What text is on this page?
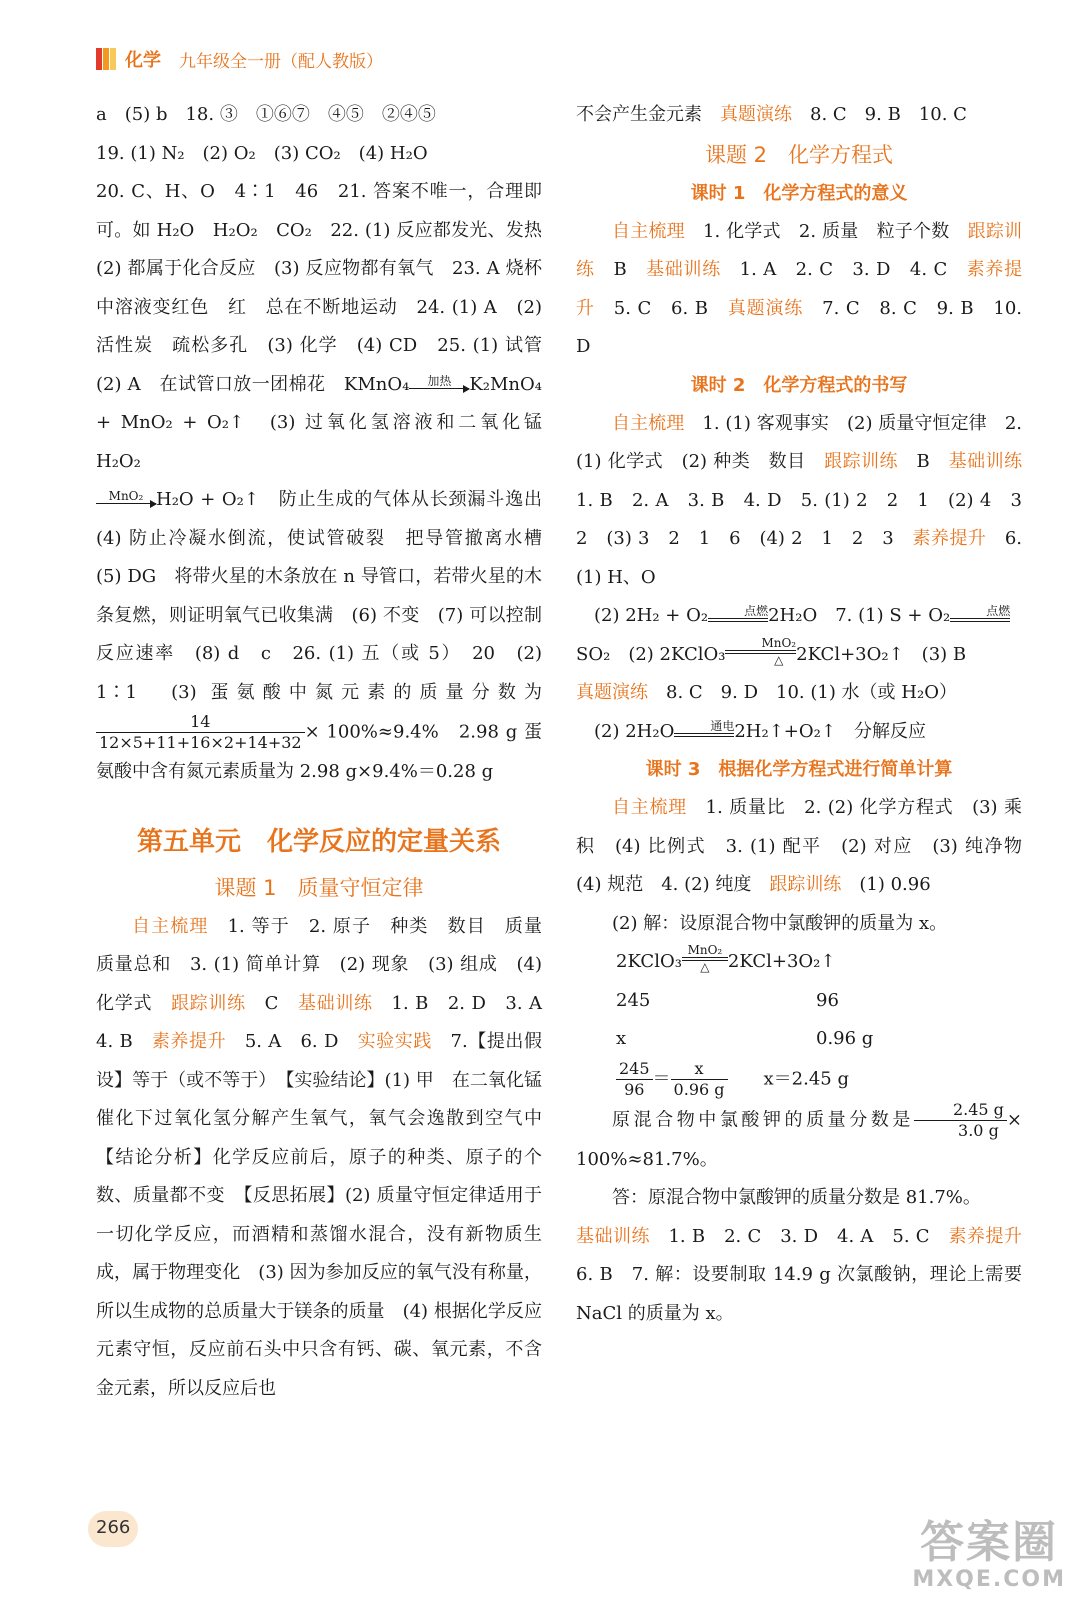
化学 九年级全一册（配人教版）

a　(5) b　18. ③　①⑥⑦　④⑤　②④⑤

19. (1) N₂　(2) O₂　(3) CO₂　(4) H₂O

20. C、H、O　4∶1　46　21. 答案不唯一，合理即可。如 H₂O　H₂O₂　CO₂　22. (1) 反应都发光、发热　(2) 都属于化合反应　(3) 反应物都有氧气　23. A 烧杯中溶液变红色　红　总在不断地运动　24. (1) A　(2) 活性炭　疏松多孔　(3) 化学　(4) CD　25. (1) 试管　(2) A　在试管口放一团棉花　KMnO₄	加热	K₂MnO₄ + MnO₂ + O₂↑　 (3) 过氧化氢溶液和二氧化锰　H₂O₂

MnO₂ H₂O + O₂↑　 防止生成的气体从长颈漏斗逸出　(4) 防止冷凝水倒流，使试管破裂　把导管撤离水槽　(5) DG　将带火星的木条放在 n 导管口，若带火星的木条复燃，则证明氧气已收集满　(6) 不变　(7) 可以控制反应速率　(8) d　c　26. (1) 五（或 5）　20　(2) 1∶1　(3) 蛋氨酸中氮元素的质量分数为
$\frac{14}{12\times 5+11+16\times 2+14+32} \times 100\%\approx 9.4\%$　2.98 g 蛋氨酸中含有氮元素质量为 2.98 g×9.4%＝0.28 g

第五单元　化学反应的定量关系
课题 1　质量守恒定律

自主梳理　 1. 等于　2. 原子　种类　数目　质量　质量总和　3. (1) 简单计算　(2) 现象　(3) 组成　(4) 化学式　 跟踪训练　 C　 基础训练　 1. B　2. D　3. A　4. B　 素养提升　 5. A　6. D　 实验实践　 7.【提出假设】等于（或不等于）　【实验结论】(1) 甲　在二氧化锰催化下过氧化氢分解产生氧气，氧气会逸散到空气中　【结论分析】化学反应前后，原子的种类、原子的个数、质量都不变　【反思拓展】(2) 质量守恒定律适用于一切化学反应，而酒精和蒸馏水混合，没有新物质生成，属于物理变化　(3) 因为参加反应的氧气没有称量，所以生成物的总质量大于镁条的质量　(4) 根据化学反应元素守恒，反应前石头中只含有钙、碳、氧元素，不含金元素，所以反应后也

不会产生金元素　 真题演练　 8. C　9. B　10. C

课题 2　化学方程式
课时 1　化学方程式的意义

自主梳理　 1. 化学式　2. 质量　粒子个数　 跟踪训练　 B　 基础训练　 1. A　2. C　3. D　4. C　 素养提升　 5. C　6. B　 真题演练　 7. C　8. C　9. B　10. D

课时 2　化学方程式的书写

自主梳理　 1. (1) 客观事实　(2) 质量守恒定律　2. (1) 化学式　(2) 种类　数目　 跟踪训练　 B　 基础训练　1. B　2. A　3. B　4. D　5. (1) 2　2　1　(2) 4　3　2　(3) 3　2　1　6　(4) 2　1　2　3　 素养提升　 6. (1) H、O
　(2) 2H₂ + O₂	点燃 2H₂O　 7. (1) S + O₂	点燃

SO₂　 (2) 2KClO₃
MnO₂
△ 2KCl+3O₂↑　 (3) B
真题演练　 8. C　9. D　10. (1) 水（或 H₂O）
　(2) 2H₂O	通电 2H₂↑+O₂↑　 分解反应

课时 3　根据化学方程式进行简单计算

自主梳理　 1. 质量比　2. (2) 化学方程式　(3) 乘积　(4) 比例式　3. (1) 配平　(2) 对应　(3) 纯净物　(4) 规范　4. (2) 纯度　 跟踪训练　 (1) 0.96

(2) 解：设原混合物中氯酸钾的质量为 x。

2KClO₃
MnO₂
△	2KCl+3O₂↑

245	96
x	0.96 g

$\frac{245}{96} = \frac{x}{0.96 g}$
　　 x＝2.45 g

原混合物中氯酸钾的质量分数是 $\frac{2.45 g}{3.0 g} \times 100\%\approx 81.7\%$。

答：原混合物中氯酸钾的质量分数是 81.7%。

基础训练　 1. B　2. C　3. D　4. A　5. C　 素养提升　6. B　7. 解：设要制取 14.9 g 次氯酸钠，理论上需要 NaCl 的质量为 x。

266	答案圈
MXQE.COM
